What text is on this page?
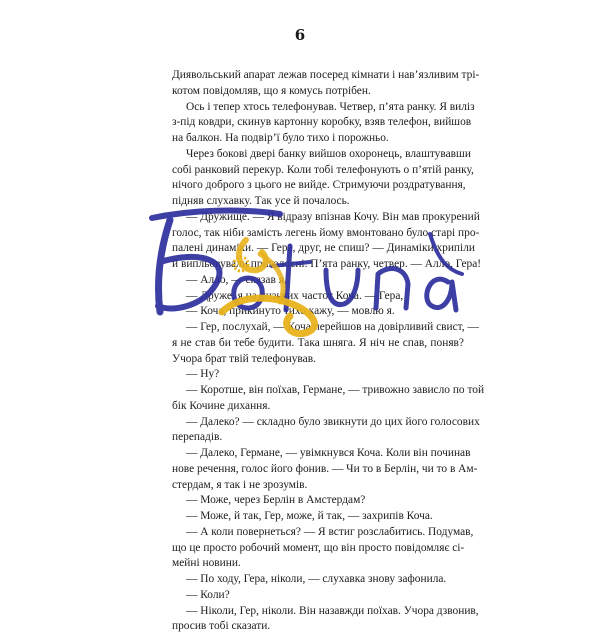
6
Диявольський апарат лежав посеред кімнати і нав’язливим трі-
котом повідомляв, що я комусь потрібен.
Ось і тепер хтось телефонував. Четвер, п’ята ранку. Я виліз
з-під ковдри, скинув картонну коробку, взяв телефон, вийшов
на балкон. На подвір’ї було тихо і порожньо.
Через бокові двері банку вийшов охоронець, влаштувавши
собі ранковий перекур. Коли тобі телефонують о п’ятій ранку,
нічого доброго з цього не вийде. Стримуючи роздратування,
підняв слухавку. Так усе й почалось.
— Дружище. — Я відразу впізнав Кочу. Він мав прокурений
голос, так ніби замість легень йому вмонтовано було старі про-
палені динаміки. — Гера, друг, не спиш? — Динаміки хрипіли
й випльовували приголосні. П’ята ранку, четвер. — Алло, Гера!
— Алло, — сказав я.
— Друже, я на низьких частот Коча. — Гера,
— Коча, прикинуто тихо кажу, — мовлю я.
— Гер, послухай, — Коча перейшов на довірливий свист, —
я не став би тебе будити. Така шняга. Я ніч не спав, поняв?
Учора брат твій телефонував.
— Ну?
— Коротше, він поїхав, Германе, — тривожно зависло по той
бік Кочине дихання.
— Далеко? — складно було звикнути до цих його голосових
перепадів.
— Далеко, Германе, — увімкнувся Коча. Коли він починав
нове речення, голос його фонив. — Чи то в Берлін, чи то в Ам-
стердам, я так і не зрозумів.
— Може, через Берлін в Амстердам?
— Може, й так, Гер, може, й так, — захрипів Коча.
— А коли повернеться? — Я встиг розслабитись. Подумав,
що це просто робочий момент, що він просто повідомляє сі-
мейні новини.
— По ходу, Гера, ніколи, — слухавка знову зафонила.
— Коли?
— Ніколи, Гер, ніколи. Він назавжди поїхав. Учора дзвонив,
просив тобі сказати.
